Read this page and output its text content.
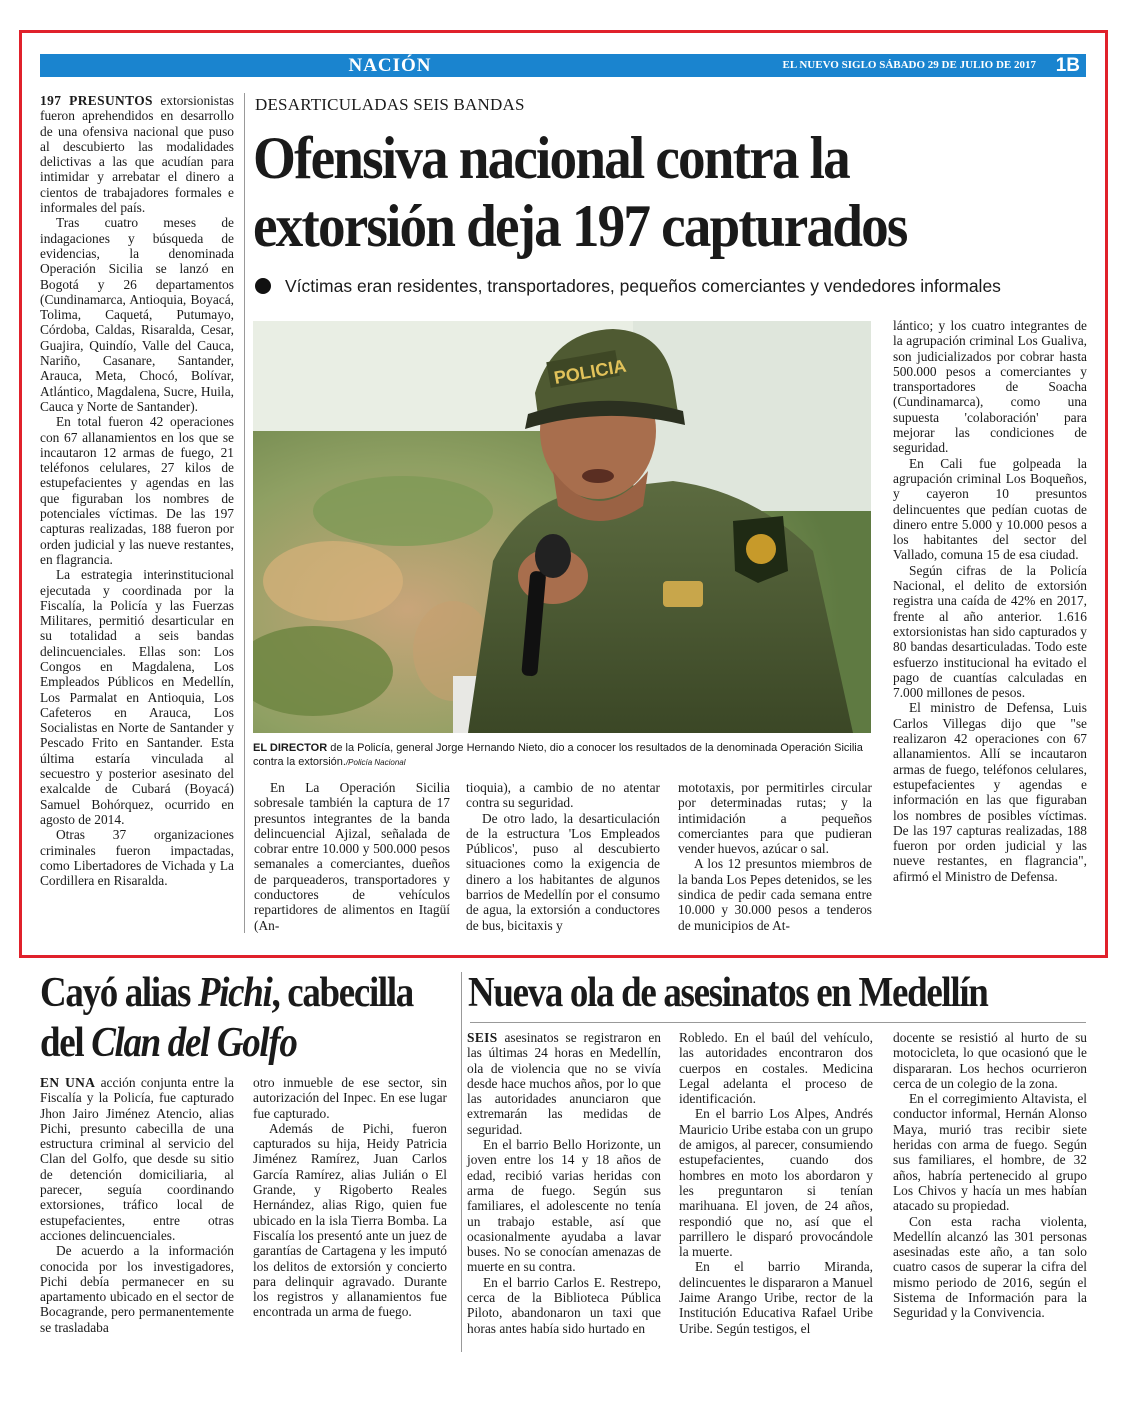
NACIÓN	EL NUEVO SIGLO SÁBADO 29 DE JULIO DE 2017 1B

197 PRESUNTOS extorsionistas fueron aprehendidos en desarrollo de una ofensiva nacional que puso al descubierto las modalidades delictivas a las que acudían para intimidar y arrebatar el dinero a cientos de trabajadores formales e informales del país.

Tras cuatro meses de indagaciones y búsqueda de evidencias, la denominada Operación Sicilia se lanzó en Bogotá y 26 departamentos (Cundinamarca, Antioquia, Boyacá, Tolima, Caquetá, Putumayo, Córdoba, Caldas, Risaralda, Cesar, Guajira, Quindío, Valle del Cauca, Nariño, Casanare, Santander, Arauca, Meta, Chocó, Bolívar, Atlántico, Magdalena, Sucre, Huila, Cauca y Norte de Santander).

En total fueron 42 operaciones con 67 allanamientos en los que se incautaron 12 armas de fuego, 21 teléfonos celulares, 27 kilos de estupefacientes y agendas en las que figuraban los nombres de potenciales víctimas. De las 197 capturas realizadas, 188 fueron por orden judicial y las nueve restantes, en flagrancia.

La estrategia interinstitucional ejecutada y coordinada por la Fiscalía, la Policía y las Fuerzas Militares, permitió desarticular en su totalidad a seis bandas delincuenciales. Ellas son: Los Congos en Magdalena, Los Empleados Públicos en Medellín, Los Parmalat en Antioquia, Los Cafeteros en Arauca, Los Socialistas en Norte de Santander y Pescado Frito en Santander. Esta última estaría vinculada al secuestro y posterior asesinato del exalcalde de Cubará (Boyacá) Samuel Bohórquez, ocurrido en agosto de 2014.

Otras 37 organizaciones criminales fueron impactadas, como Libertadores de Vichada y La Cordillera en Risaralda.

DESARTICULADAS SEIS BANDAS
Ofensiva nacional contra la
extorsión deja 197 capturados
Víctimas eran residentes, transportadores, pequeños comerciantes y vendedores informales
POLICIA
EL DIRECTOR de la Policía, general Jorge Hernando Nieto, dio a conocer los resultados de la denominada Operación Sicilia contra la extorsión./Policía Nacional

En La Operación Sicilia sobresale también la captura de 17 presuntos integrantes de la banda delincuencial Ajizal, señalada de cobrar entre 10.000 y 500.000 pesos semanales a comerciantes, dueños de parqueaderos, transportadores y conductores de vehículos repartidores de alimentos en Itagüí (An-

tioquia), a cambio de no atentar contra su seguridad.

De otro lado, la desarticulación de la estructura 'Los Empleados Públicos', puso al descubierto situaciones como la exigencia de dinero a los habitantes de algunos barrios de Medellín por el consumo de agua, la extorsión a conductores de bus, bicitaxis y

mototaxis, por permitirles circular por determinadas rutas; y la intimidación a pequeños comerciantes para que pudieran vender huevos, azúcar o sal.

A los 12 presuntos miembros de la banda Los Pepes detenidos, se les sindica de pedir cada semana entre 10.000 y 30.000 pesos a tenderos de municipios de At-

lántico; y los cuatro integrantes de la agrupación criminal Los Gualiva, son judicializados por cobrar hasta 500.000 pesos a comerciantes y transportadores de Soacha (Cundinamarca), como una supuesta 'colaboración' para mejorar las condiciones de seguridad.

En Cali fue golpeada la agrupación criminal Los Boqueños, y cayeron 10 presuntos delincuentes que pedían cuotas de dinero entre 5.000 y 10.000 pesos a los habitantes del sector del Vallado, comuna 15 de esa ciudad.

Según cifras de la Policía Nacional, el delito de extorsión registra una caída de 42% en 2017, frente al año anterior. 1.616 extorsionistas han sido capturados y 80 bandas desarticuladas. Todo este esfuerzo institucional ha evitado el pago de cuantías calculadas en 7.000 millones de pesos.

El ministro de Defensa, Luis Carlos Villegas dijo que "se realizaron 42 operaciones con 67 allanamientos. Allí se incautaron armas de fuego, teléfonos celulares, estupefacientes y agendas e información en las que figuraban los nombres de posibles víctimas. De las 197 capturas realizadas, 188 fueron por orden judicial y las nueve restantes, en flagrancia", afirmó el Ministro de Defensa.

Cayó alias Pichi, cabecilla
del Clan del Golfo

EN UNA acción conjunta entre la Fiscalía y la Policía, fue capturado Jhon Jairo Jiménez Atencio, alias Pichi, presunto cabecilla de una estructura criminal al servicio del Clan del Golfo, que desde su sitio de detención domiciliaria, al parecer, seguía coordinando extorsiones, tráfico local de estupefacientes, entre otras acciones delincuenciales.

De acuerdo a la información conocida por los investigadores, Pichi debía permanecer en su apartamento ubicado en el sector de Bocagrande, pero permanentemente se trasladaba

otro inmueble de ese sector, sin autorización del Inpec. En ese lugar fue capturado.

Además de Pichi, fueron capturados su hija, Heidy Patricia Jiménez Ramírez, Juan Carlos García Ramírez, alias Julián o El Grande, y Rigoberto Reales Hernández, alias Rigo, quien fue ubicado en la isla Tierra Bomba. La Fiscalía los presentó ante un juez de garantías de Cartagena y les imputó los delitos de extorsión y concierto para delinquir agravado. Durante los registros y allanamientos fue encontrada un arma de fuego.

Nueva ola de asesinatos en Medellín

SEIS asesinatos se registraron en las últimas 24 horas en Medellín, ola de violencia que no se vivía desde hace muchos años, por lo que las autoridades anunciaron que extremarán las medidas de seguridad.

En el barrio Bello Horizonte, un joven entre los 14 y 18 años de edad, recibió varias heridas con arma de fuego. Según sus familiares, el adolescente no tenía un trabajo estable, así que ocasionalmente ayudaba a lavar buses. No se conocían amenazas de muerte en su contra.

En el barrio Carlos E. Restrepo, cerca de la Biblioteca Pública Piloto, abandonaron un taxi que horas antes había sido hurtado en

Robledo. En el baúl del vehículo, las autoridades encontraron dos cuerpos en costales. Medicina Legal adelanta el proceso de identificación.

En el barrio Los Alpes, Andrés Mauricio Uribe estaba con un grupo de amigos, al parecer, consumiendo estupefacientes, cuando dos hombres en moto los abordaron y les preguntaron si tenían marihuana. El joven, de 24 años, respondió que no, así que el parrillero le disparó provocándole la muerte.

En el barrio Miranda, delincuentes le dispararon a Manuel Jaime Arango Uribe, rector de la Institución Educativa Rafael Uribe Uribe. Según testigos, el

docente se resistió al hurto de su motocicleta, lo que ocasionó que le dispararan. Los hechos ocurrieron cerca de un colegio de la zona.

En el corregimiento Altavista, el conductor informal, Hernán Alonso Maya, murió tras recibir siete heridas con arma de fuego. Según sus familiares, el hombre, de 32 años, habría pertenecido al grupo Los Chivos y hacía un mes habían atacado su propiedad.

Con esta racha violenta, Medellín alcanzó las 301 personas asesinadas este año, a tan solo cuatro casos de superar la cifra del mismo periodo de 2016, según el Sistema de Información para la Seguridad y la Convivencia.
